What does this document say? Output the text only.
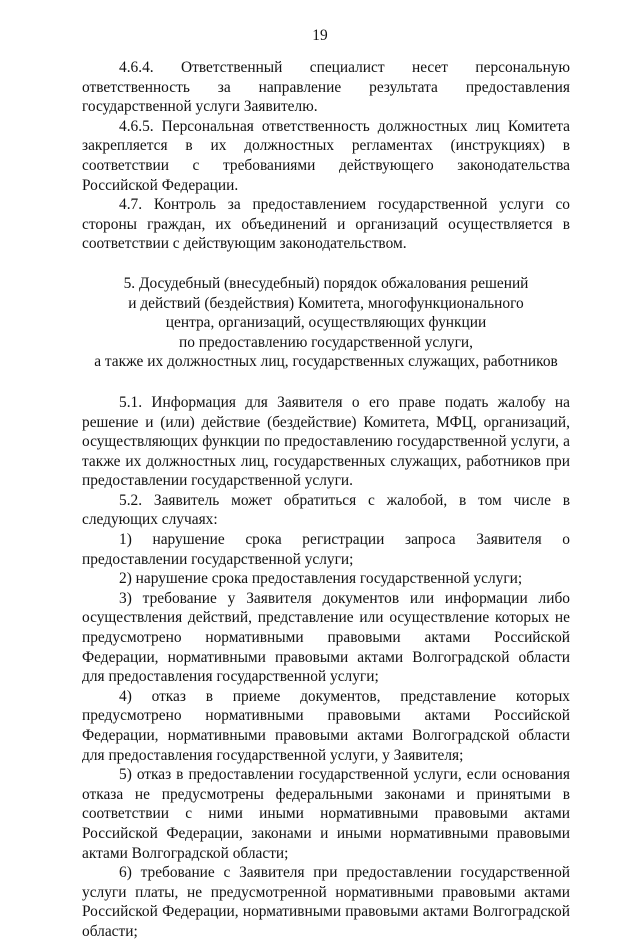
19

4.6.4. Ответственный специалист несет персональную ответственность за направление результата предоставления государственной услуги Заявителю.

4.6.5. Персональная ответственность должностных лиц Комитета закрепляется в их должностных регламентах (инструкциях) в соответствии с требованиями действующего законодательства Российской Федерации.

4.7. Контроль за предоставлением государственной услуги со стороны граждан, их объединений и организаций осуществляется в соответствии с действующим законодательством.

5. Досудебный (внесудебный) порядок обжалования решений
и действий (бездействия) Комитета, многофункционального
центра, организаций, осуществляющих функции
по предоставлению государственной услуги,
а также их должностных лиц, государственных служащих, работников

5.1. Информация для Заявителя о его праве подать жалобу на решение и (или) действие (бездействие) Комитета, МФЦ, организаций, осуществляющих функции по предоставлению государственной услуги, а также их должностных лиц, государственных служащих, работников при предоставлении государственной услуги.

5.2. Заявитель может обратиться с жалобой, в том числе в следующих случаях:

1) нарушение срока регистрации запроса Заявителя о предоставлении государственной услуги;

2) нарушение срока предоставления государственной услуги;

3) требование у Заявителя документов или информации либо осуществления действий, представление или осуществление которых не предусмотрено нормативными правовыми актами Российской Федерации, нормативными правовыми актами Волгоградской области для предоставления государственной услуги;

4) отказ в приеме документов, представление которых предусмотрено нормативными правовыми актами Российской Федерации, нормативными правовыми актами Волгоградской области для предоставления государственной услуги, у Заявителя;

5) отказ в предоставлении государственной услуги, если основания отказа не предусмотрены федеральными законами и принятыми в соответствии с ними иными нормативными правовыми актами Российской Федерации, законами и иными нормативными правовыми актами Волгоградской области;

6) требование с Заявителя при предоставлении государственной услуги платы, не предусмотренной нормативными правовыми актами Российской Федерации, нормативными правовыми актами Волгоградской области;
